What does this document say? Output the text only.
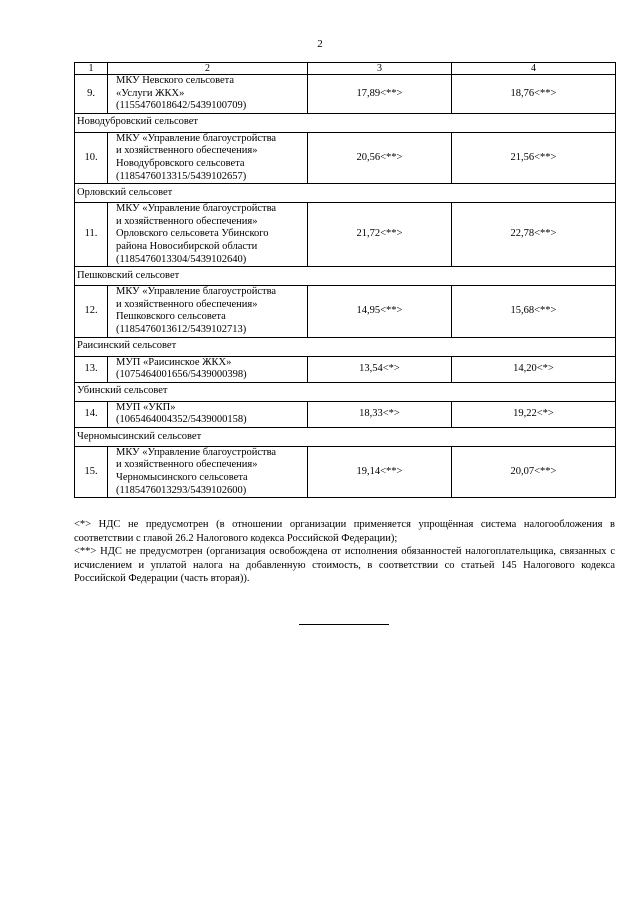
2
1	2	3	4
9.	МКУ Невского сельсовета
«Услуги ЖКХ»
(1155476018642/5439100709)	17,89<**>	18,76<**>
Новодубровский сельсовет			
10.	МКУ «Управление благоустройства
и хозяйственного обеспечения»
Новодубровского сельсовета
(1185476013315/5439102657)	20,56<**>	21,56<**>
Орловский сельсовет			
11.	МКУ «Управление благоустройства
и хозяйственного обеспечения»
Орловского сельсовета Убинского
района Новосибирской области
(1185476013304/5439102640)	21,72<**>	22,78<**>
Пешковский сельсовет			
12.	МКУ «Управление благоустройства
и хозяйственного обеспечения»
Пешковского сельсовета
(1185476013612/5439102713)	14,95<**>	15,68<**>
Раисинский сельсовет			
13.	МУП «Раисинское ЖКХ»
(1075464001656/5439000398)	13,54<*>	14,20<*>
Убинский сельсовет			
14.	МУП «УКП»
(1065464004352/5439000158)	18,33<*>	19,22<*>
Черномысинский сельсовет			
15.	МКУ «Управление благоустройства
и хозяйственного обеспечения»
Черномысинского сельсовета
(1185476013293/5439102600)	19,14<**>	20,07<**>

<*> НДС не предусмотрен (в отношении организации применяется упрощённая система налогообложения в соответствии с главой 26.2 Налогового кодекса Российской Федерации);

<**> НДС не предусмотрен (организация освобождена от исполнения обязанностей налогоплательщика, связанных с исчислением и уплатой налога на добавленную стоимость, в соответствии со статьей 145 Налогового кодекса Российской Федерации (часть вторая)).
